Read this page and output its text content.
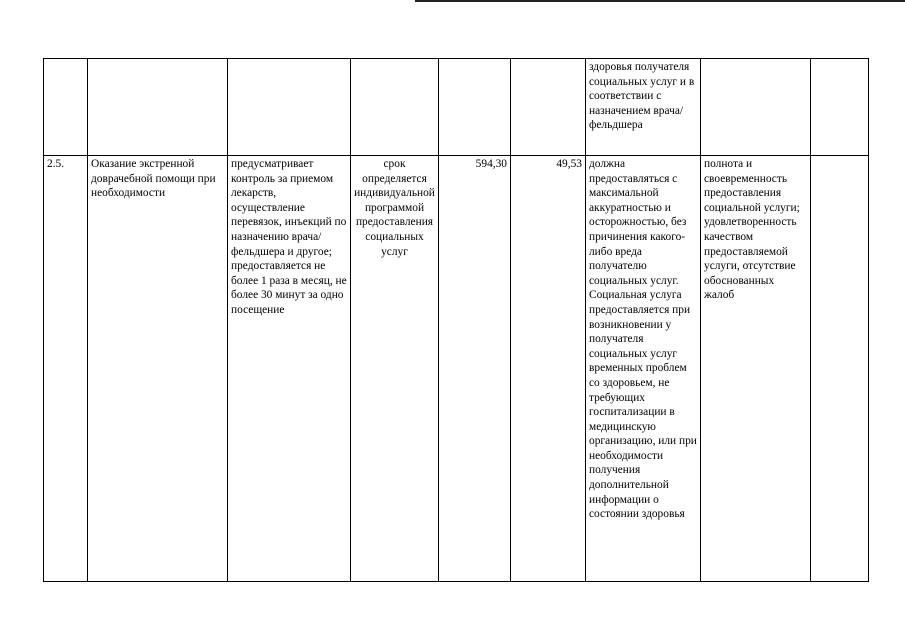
						здоровья получателя социальных услуг и в соответствии с назначением врача/фельдшера		
2.5.	Оказание экстренной доврачебной помощи при необходимости	предусматривает контроль за приемом лекарств, осуществление перевязок, инъекций по назначению врача/фельдшера и другое; предоставляется не более 1 раза в месяц, не более 30 минут за одно посещение	срок определяется индивидуальной программой предоставления социальных услуг	594,30	49,53	должна предоставляться с максимальной аккуратностью и осторожностью, без причинения какого-либо вреда получателю социальных услуг. Социальная услуга предоставляется при возникновении у получателя социальных услуг временных проблем со здоровьем, не требующих госпитализации в медицинскую организацию, или при необходимости получения дополнительной информации о состоянии здоровья	полнота и своевременность предоставления социальной услуги; удовлетворенность качеством предоставляемой услуги, отсутствие обоснованных жалоб	
